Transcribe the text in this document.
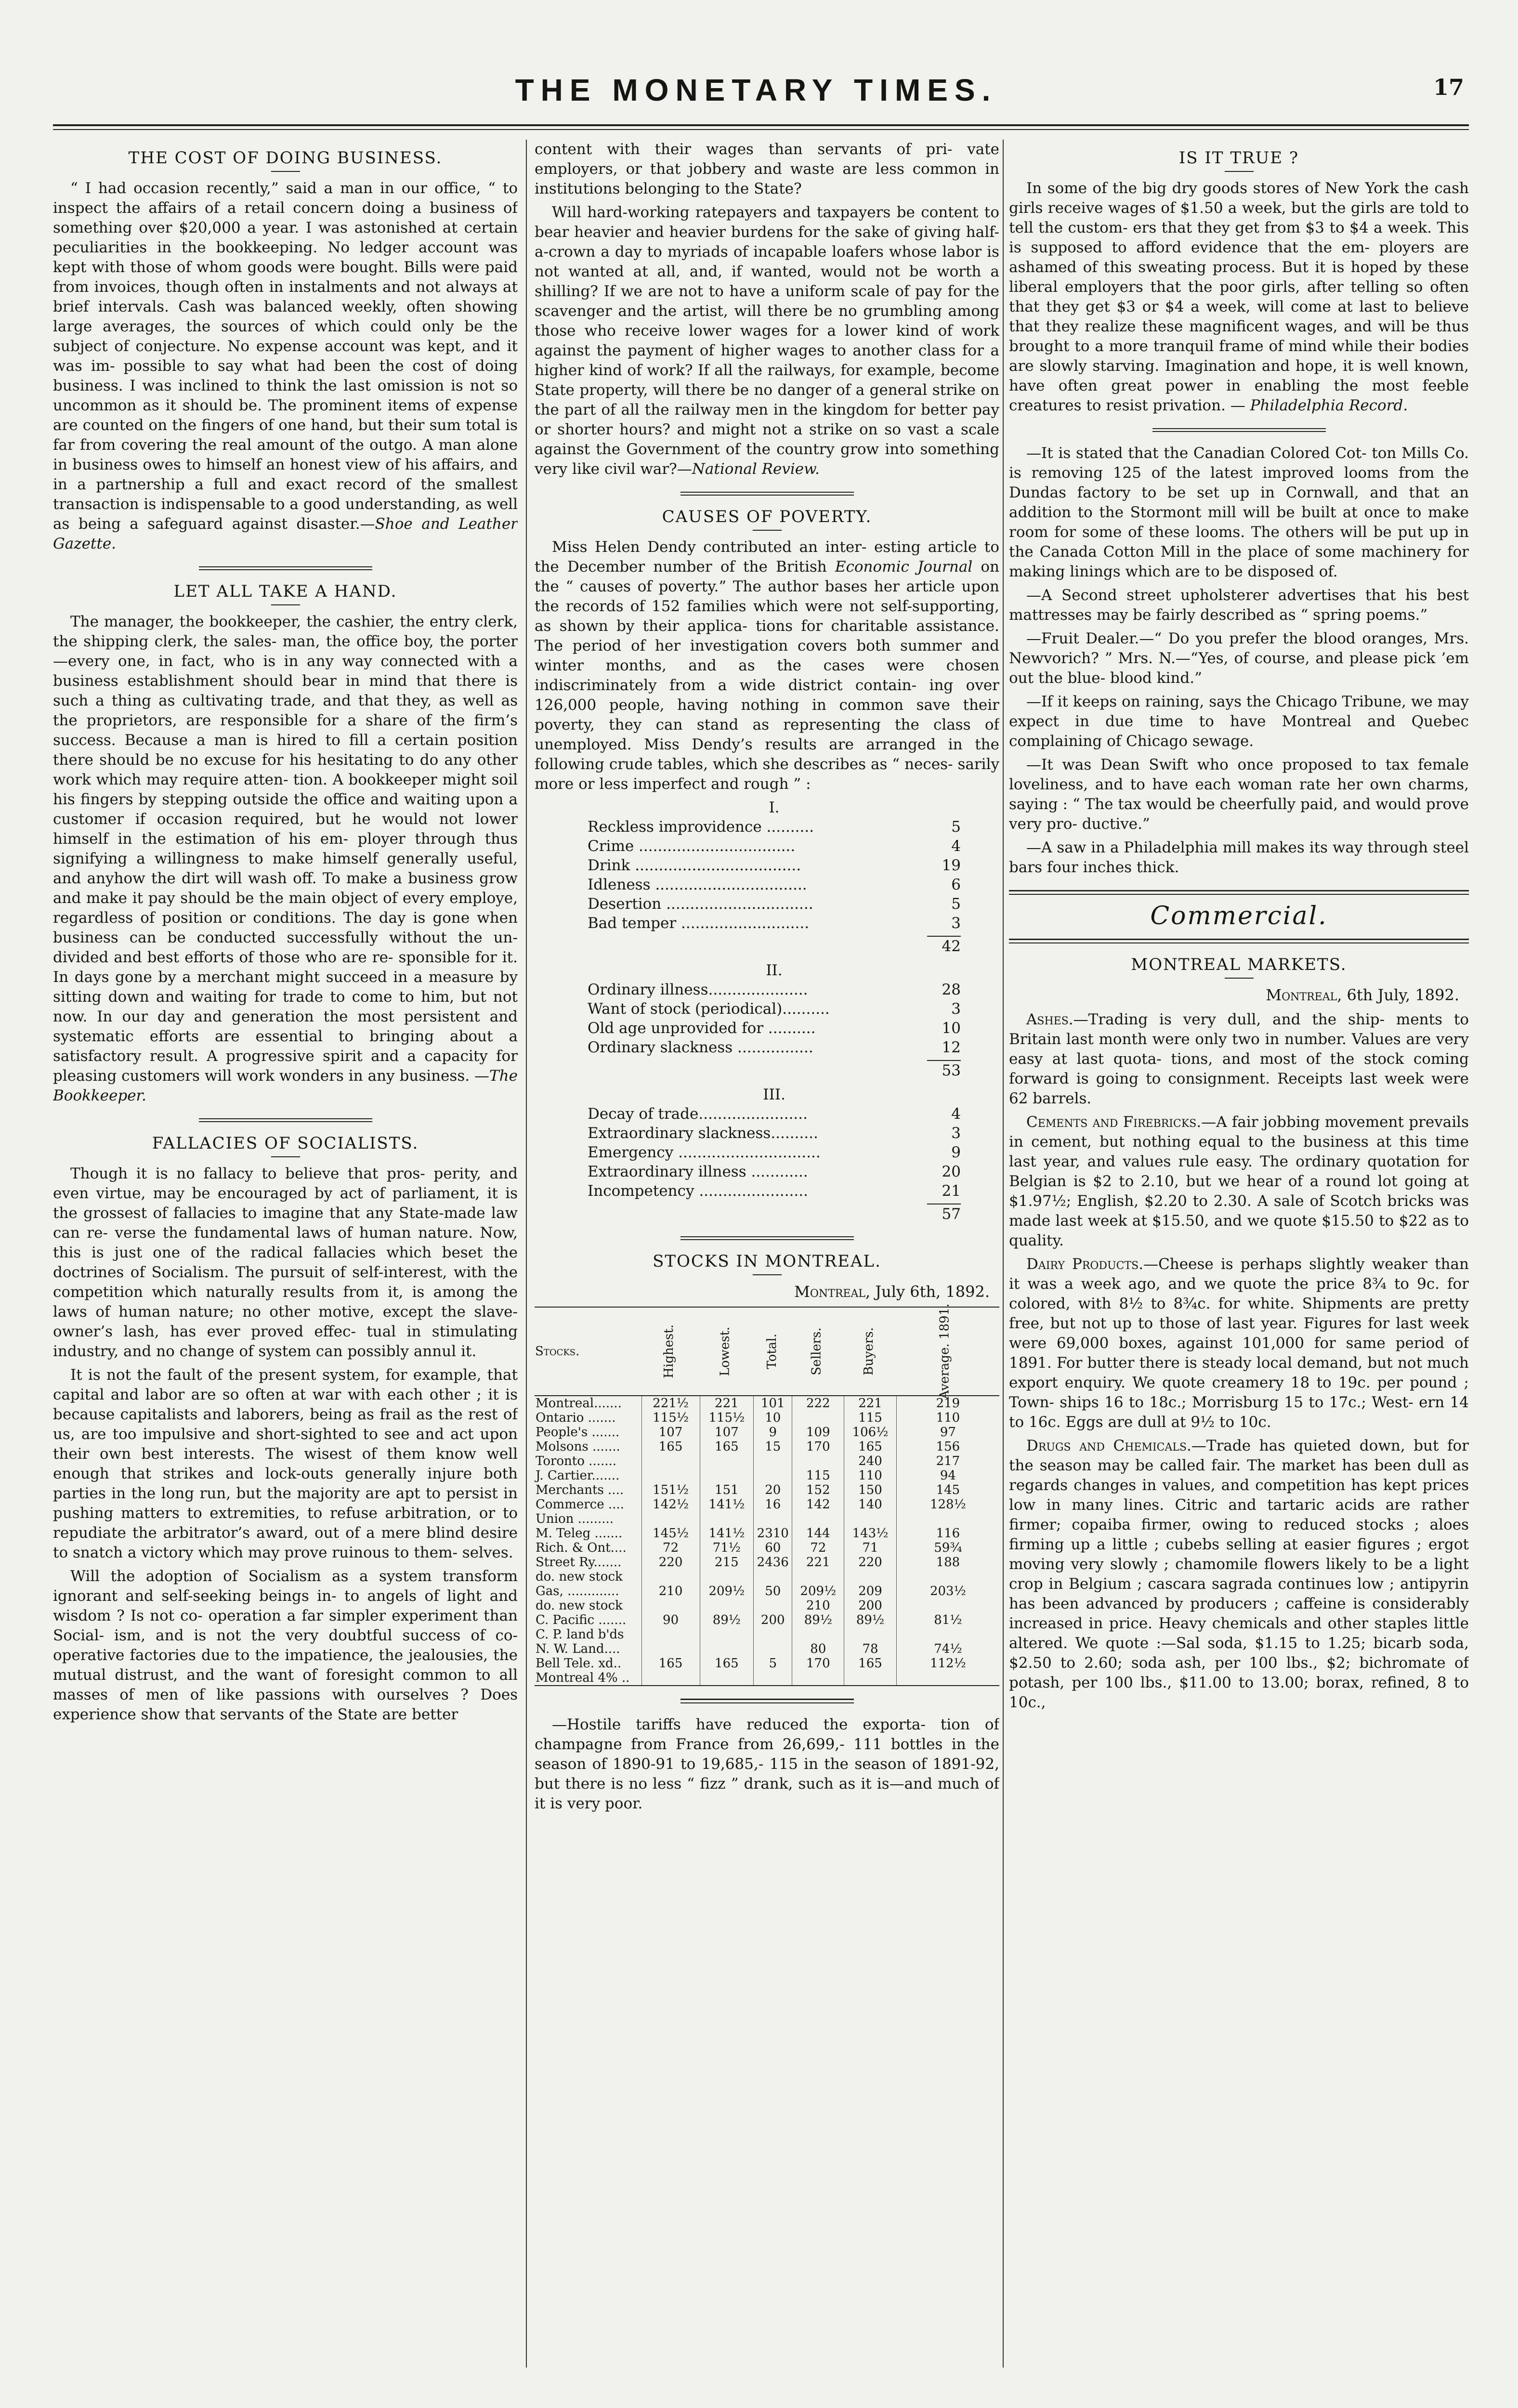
THE MONETARY TIMES.	17
THE COST OF DOING BUSINESS.

“ I had occasion recently,” said a man in our office, “ to inspect the affairs of a retail concern doing a business of something over $20,000 a year. I was astonished at certain peculiarities in the bookkeeping. No ledger account was kept with those of whom goods were bought. Bills were paid from invoices, though often in instalments and not always at brief intervals. Cash was balanced weekly, often showing large averages, the sources of which could only be the subject of conjecture. No expense account was kept, and it was im- possible to say what had been the cost of doing business. I was inclined to think the last omission is not so uncommon as it should be. The prominent items of expense are counted on the fingers of one hand, but their sum total is far from covering the real amount of the outgo. A man alone in business owes to himself an honest view of his affairs, and in a partnership a full and exact record of the smallest transaction is indispensable to a good understanding, as well as being a safeguard against disaster.—Shoe and Leather Gazette.

LET ALL TAKE A HAND.

The manager, the bookkeeper, the cashier, the entry clerk, the shipping clerk, the sales- man, the office boy, the porter—every one, in fact, who is in any way connected with a business establishment should bear in mind that there is such a thing as cultivating trade, and that they, as well as the proprietors, are responsible for a share of the firm’s success. Because a man is hired to fill a certain position there should be no excuse for his hesitating to do any other work which may require atten- tion. A bookkeeper might soil his fingers by stepping outside the office and waiting upon a customer if occasion required, but he would not lower himself in the estimation of his em- ployer through thus signifying a willingness to make himself generally useful, and anyhow the dirt will wash off. To make a business grow and make it pay should be the main object of every employe, regardless of position or conditions. The day is gone when business can be conducted successfully without the un- divided and best efforts of those who are re- sponsible for it. In days gone by a merchant might succeed in a measure by sitting down and waiting for trade to come to him, but not now. In our day and generation the most persistent and systematic efforts are essential to bringing about a satisfactory result. A progressive spirit and a capacity for pleasing customers will work wonders in any business. —The Bookkeeper.

FALLACIES OF SOCIALISTS.

Though it is no fallacy to believe that pros- perity, and even virtue, may be encouraged by act of parliament, it is the grossest of fallacies to imagine that any State-made law can re- verse the fundamental laws of human nature. Now, this is just one of the radical fallacies which beset the doctrines of Socialism. The pursuit of self-interest, with the competition which naturally results from it, is among the laws of human nature; no other motive, except the slave-owner’s lash, has ever proved effec- tual in stimulating industry, and no change of system can possibly annul it.

It is not the fault of the present system, for example, that capital and labor are so often at war with each other ; it is because capitalists and laborers, being as frail as the rest of us, are too impulsive and short-sighted to see and act upon their own best interests. The wisest of them know well enough that strikes and lock-outs generally injure both parties in the long run, but the majority are apt to persist in pushing matters to extremities, to refuse arbitration, or to repudiate the arbitrator’s award, out of a mere blind desire to snatch a victory which may prove ruinous to them- selves.

Will the adoption of Socialism as a system transform ignorant and self-seeking beings in- to angels of light and wisdom ? Is not co- operation a far simpler experiment than Social- ism, and is not the very doubtful success of co- operative factories due to the impatience, the jealousies, the mutual distrust, and the want of foresight common to all masses of men of like passions with ourselves ? Does experience show that servants of the State are better

content with their wages than servants of pri- vate employers, or that jobbery and waste are less common in institutions belonging to the State?

Will hard-working ratepayers and taxpayers be content to bear heavier and heavier burdens for the sake of giving half-a-crown a day to myriads of incapable loafers whose labor is not wanted at all, and, if wanted, would not be worth a shilling? If we are not to have a uniform scale of pay for the scavenger and the artist, will there be no grumbling among those who receive lower wages for a lower kind of work against the payment of higher wages to another class for a higher kind of work? If all the railways, for example, become State property, will there be no danger of a general strike on the part of all the railway men in the kingdom for better pay or shorter hours? and might not a strike on so vast a scale against the Government of the country grow into something very like civil war?—National Review.

CAUSES OF POVERTY.

Miss Helen Dendy contributed an inter- esting article to the December number of the British Economic Journal on the “ causes of poverty.” The author bases her article upon the records of 152 families which were not self-supporting, as shown by their applica- tions for charitable assistance. The period of her investigation covers both summer and winter months, and as the cases were chosen indiscriminately from a wide district contain- ing over 126,000 people, having nothing in common save their poverty, they can stand as representing the class of unemployed. Miss Dendy’s results are arranged in the following crude tables, which she describes as “ neces- sarily more or less imperfect and rough ” :

I.
Reckless improvidence ..........	5
Crime .................................	4
Drink ...................................	19
Idleness ................................	6
Desertion ...............................	5
Bad temper ...........................	3
42
II.
Ordinary illness.....................	28
Want of stock (periodical)..........	3
Old age unprovided for ..........	10
Ordinary slackness ................	12
53
III.
Decay of trade.......................	4
Extraordinary slackness..........	3
Emergency ..............................	9
Extraordinary illness ............	20
Incompetency .......................	21
57
STOCKS IN MONTREAL.
Montreal, July 6th, 1892.
Stocks.	Highest.	Lowest.	Total.	Sellers.	Buyers.	Average. 1891.
Montreal.......	221½	221	101	222	221	219
Ontario .......	115½	115½	10		115	110
People's .......	107	107	9	109	106½	97
Molsons .......	165	165	15	170	165	156
Toronto .......					240	217
J. Cartier.......				115	110	94
Merchants ....	151½	151	20	152	150	145
Commerce ....	142½	141½	16	142	140	128½
Union .........						
M. Teleg .......	145½	141½	2310	144	143½	116
Rich. & Ont....	72	71½	60	72	71	59¾
Street Ry.......	220	215	2436	221	220	188
do. new stock						
Gas, .............	210	209½	50	209½	209	203½
do. new stock				210	200	
C. Pacific .......	90	89½	200	89½	89½	81½
C. P. land b'ds						
N. W. Land....				80	78	74½
Bell Tele. xd..	165	165	5	170	165	112½
Montreal 4% ..						

—Hostile tariffs have reduced the exporta- tion of champagne from France from 26,699,- 111 bottles in the season of 1890-91 to 19,685,- 115 in the season of 1891-92, but there is no less “ fizz ” drank, such as it is—and much of it is very poor.

IS IT TRUE ?

In some of the big dry goods stores of New York the cash girls receive wages of $1.50 a week, but the girls are told to tell the custom- ers that they get from $3 to $4 a week. This is supposed to afford evidence that the em- ployers are ashamed of this sweating process. But it is hoped by these liberal employers that the poor girls, after telling so often that they get $3 or $4 a week, will come at last to believe that they realize these magnificent wages, and will be thus brought to a more tranquil frame of mind while their bodies are slowly starving. Imagination and hope, it is well known, have often great power in enabling the most feeble creatures to resist privation. — Philadelphia Record.

—It is stated that the Canadian Colored Cot- ton Mills Co. is removing 125 of the latest improved looms from the Dundas factory to be set up in Cornwall, and that an addition to the Stormont mill will be built at once to make room for some of these looms. The others will be put up in the Canada Cotton Mill in the place of some machinery for making linings which are to be disposed of.

—A Second street upholsterer advertises that his best mattresses may be fairly described as “ spring poems.”

—Fruit Dealer.—“ Do you prefer the blood oranges, Mrs. Newvorich? ” Mrs. N.—“Yes, of course, and please pick ’em out the blue- blood kind.”

—If it keeps on raining, says the Chicago Tribune, we may expect in due time to have Montreal and Quebec complaining of Chicago sewage.

—It was Dean Swift who once proposed to tax female loveliness, and to have each woman rate her own charms, saying : “ The tax would be cheerfully paid, and would prove very pro- ductive.”

—A saw in a Philadelphia mill makes its way through steel bars four inches thick.

Commercial.
MONTREAL MARKETS.
Montreal, 6th July, 1892.

Ashes.—Trading is very dull, and the ship- ments to Britain last month were only two in number. Values are very easy at last quota- tions, and most of the stock coming forward is going to consignment. Receipts last week were 62 barrels.

Cements and Firebricks.—A fair jobbing movement prevails in cement, but nothing equal to the business at this time last year, and values rule easy. The ordinary quotation for Belgian is $2 to 2.10, but we hear of a round lot going at $1.97½; English, $2.20 to 2.30. A sale of Scotch bricks was made last week at $15.50, and we quote $15.50 to $22 as to quality.

Dairy Products.—Cheese is perhaps slightly weaker than it was a week ago, and we quote the price 8¾ to 9c. for colored, with 8½ to 8¾c. for white. Shipments are pretty free, but not up to those of last year. Figures for last week were 69,000 boxes, against 101,000 for same period of 1891. For butter there is steady local demand, but not much export enquiry. We quote creamery 18 to 19c. per pound ; Town- ships 16 to 18c.; Morrisburg 15 to 17c.; West- ern 14 to 16c. Eggs are dull at 9½ to 10c.

Drugs and Chemicals.—Trade has quieted down, but for the season may be called fair. The market has been dull as regards changes in values, and competition has kept prices low in many lines. Citric and tartaric acids are rather firmer; copaiba firmer, owing to reduced stocks ; aloes firming up a little ; cubebs selling at easier figures ; ergot moving very slowly ; chamomile flowers likely to be a light crop in Belgium ; cascara sagrada continues low ; antipyrin has been advanced by producers ; caffeine is considerably increased in price. Heavy chemicals and other staples little altered. We quote :—Sal soda, $1.15 to 1.25; bicarb soda, $2.50 to 2.60; soda ash, per 100 lbs., $2; bichromate of potash, per 100 lbs., $11.00 to 13.00; borax, refined, 8 to 10c.,
